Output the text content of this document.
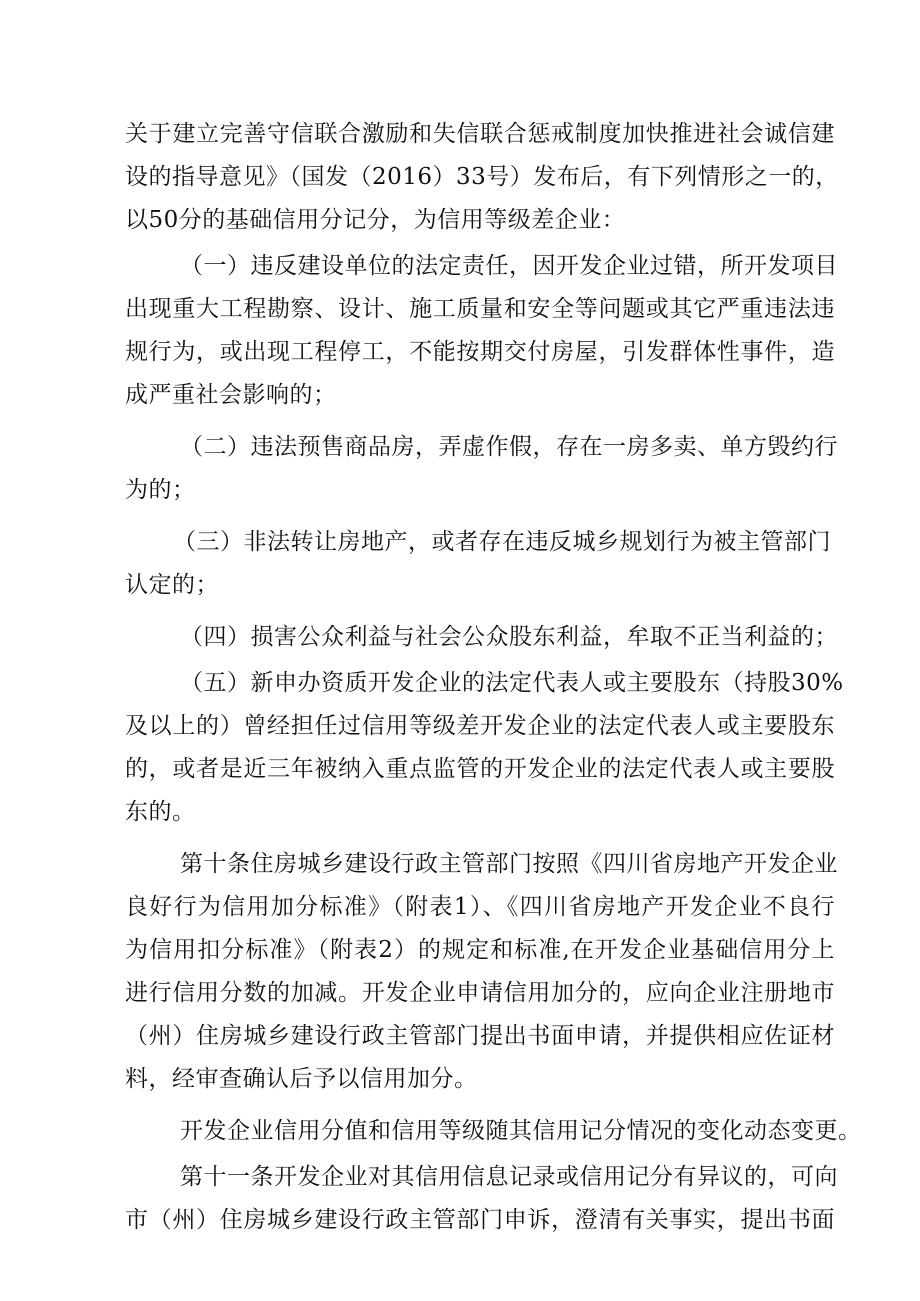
关于建立完善守信联合激励和失信联合惩戒制度加快推进社会诚信建
设的指导意见》（国发（2016）33号）发布后，有下列情形之一的，
以50分的基础信用分记分，为信用等级差企业：
（一）违反建设单位的法定责任，因开发企业过错，所开发项目
出现重大工程勘察、设计、施工质量和安全等问题或其它严重违法违
规行为，或出现工程停工，不能按期交付房屋，引发群体性事件，造
成严重社会影响的；
（二）违法预售商品房，弄虚作假，存在一房多卖、单方毁约行
为的；
（三）非法转让房地产，或者存在违反城乡规划行为被主管部门
认定的；
（四）损害公众利益与社会公众股东利益，牟取不正当利益的；
（五）新申办资质开发企业的法定代表人或主要股东（持股30%
及以上的）曾经担任过信用等级差开发企业的法定代表人或主要股东
的，或者是近三年被纳入重点监管的开发企业的法定代表人或主要股
东的。
第十条住房城乡建设行政主管部门按照《四川省房地产开发企业
良好行为信用加分标准》（附表1）、《四川省房地产开发企业不良行
为信用扣分标准》（附表2）的规定和标准,在开发企业基础信用分上
进行信用分数的加减。开发企业申请信用加分的，应向企业注册地市
（州）住房城乡建设行政主管部门提出书面申请，并提供相应佐证材
料，经审查确认后予以信用加分。
开发企业信用分值和信用等级随其信用记分情况的变化动态变更。
第十一条开发企业对其信用信息记录或信用记分有异议的，可向
市（州）住房城乡建设行政主管部门申诉，澄清有关事实，提出书面
